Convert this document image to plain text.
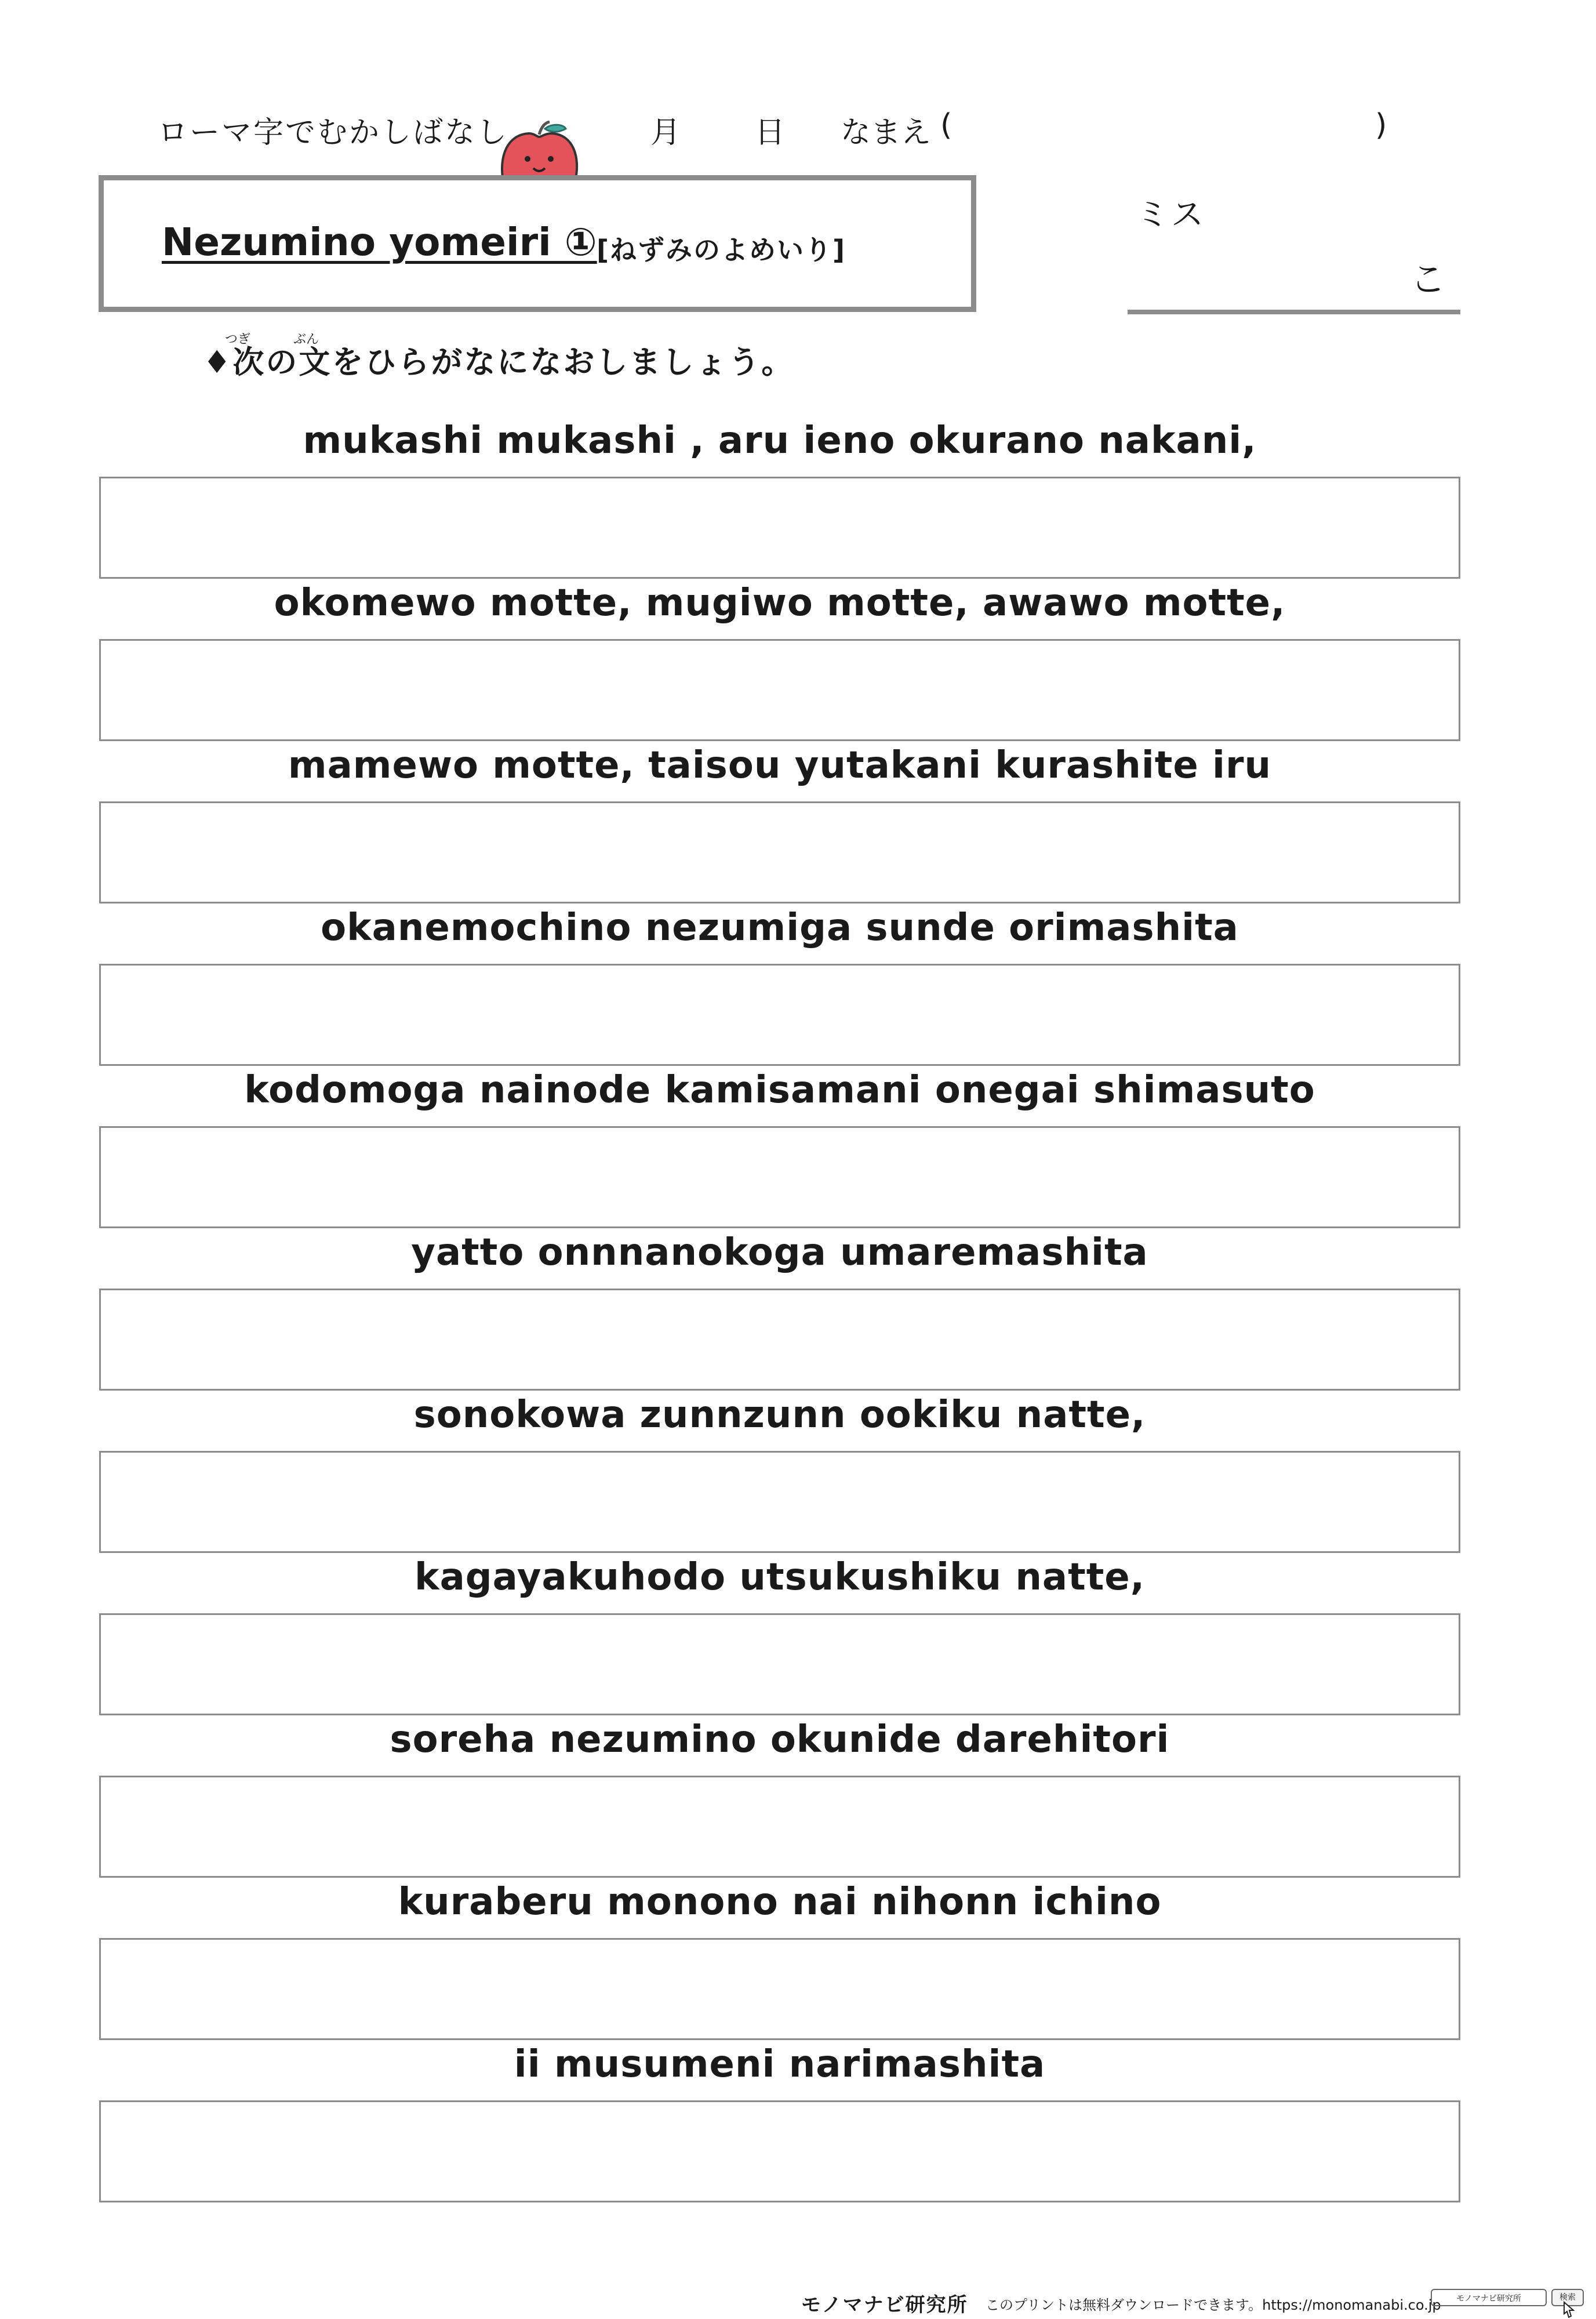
ローマ字でむかしばなし	月 日 なまえ (	)
Nezumino yomeiri ① [ねずみのよめいり]
ミス
こ
つぎ	ぶん
♦次の文をひらがなになおしましょう。
mukashi mukashi , aru ieno okurano nakani,
okomewo motte, mugiwo motte, awawo motte,
mamewo motte, taisou yutakani kurashite iru
okanemochino nezumiga sunde orimashita
kodomoga nainode kamisamani onegai shimasuto
yatto onnnanokoga umaremashita
sonokowa zunnzunn ookiku natte,
kagayakuhodo utsukushiku natte,
soreha nezumino okunide darehitori
kuraberu monono nai nihonn ichino
ii musumeni narimashita
モノマナビ研究所 このプリントは無料ダウンロードできます。https://monomanabi.co.jp	モノマナビ研究所	検索
